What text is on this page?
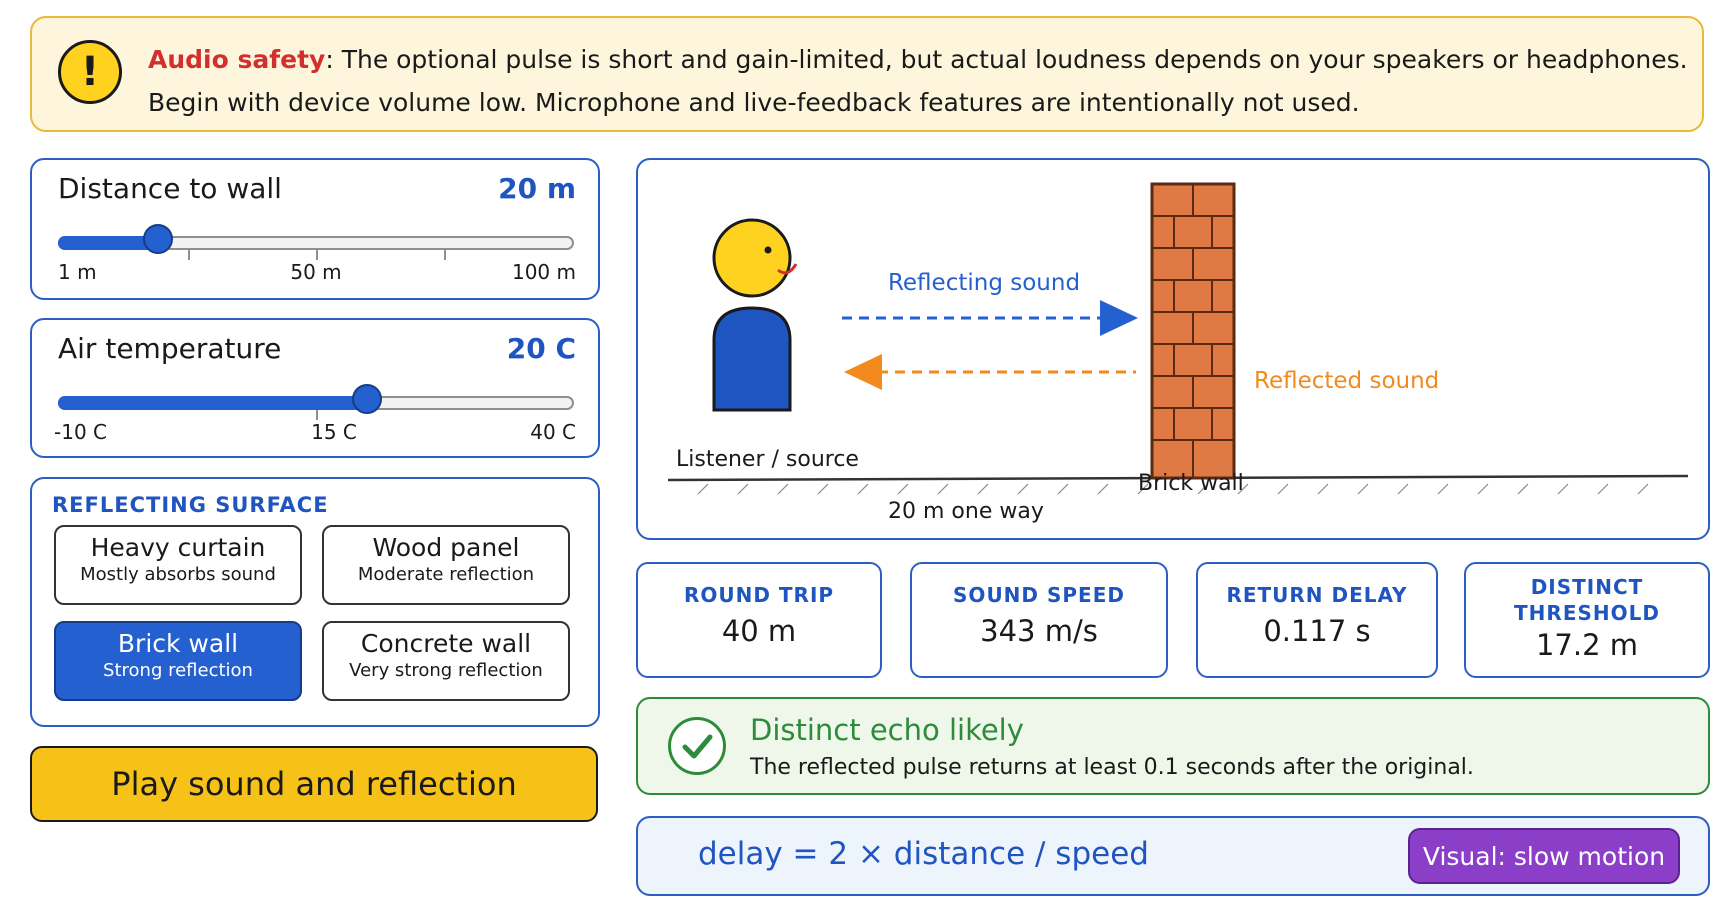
!	Audio safety: The optional pulse is short and gain-limited, but actual loudness depends on your speakers or headphones. Begin with device volume low. Microphone and live-feedback features are intentionally not used.
Distance to wall	20 m
1 m	50 m	100 m
Air temperature	20 C
-10 C	15 C	40 C
REFLECTING SURFACE
Heavy curtain
Mostly absorbs sound
Wood panel
Moderate reflection
Brick wall
Strong reflection
Concrete wall
Very strong reflection
Play sound and reflection
Reflecting sound
Reflected sound
Listener / source
Brick wall
20 m one way
ROUND TRIP
40 m
SOUND SPEED
343 m/s
RETURN DELAY
0.117 s
DISTINCT
THRESHOLD
17.2 m
Distinct echo likely
The reflected pulse returns at least 0.1 seconds after the original.
delay = 2 × distance / speed	Visual: slow motion
